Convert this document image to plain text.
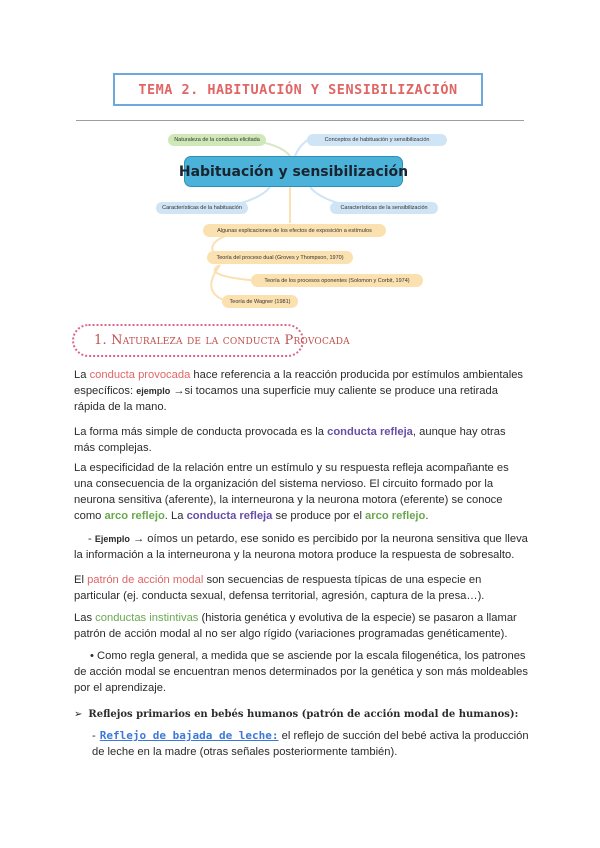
TEMA 2. HABITUACIÓN Y SENSIBILIZACIÓN
Naturaleza de la conducta elicitada	Conceptos de habituación y sensibilización
Habituación y sensibilización
Características de la habituación	Características de la sensibilización
Algunas explicaciones de los efectos de exposición a estímulos
Teoría del proceso dual (Groves y Thompson, 1970)
Teoría de los procesos oponentes (Solomon y Corbit, 1974)
Teoría de Wagner (1981)
1. Naturaleza de la conducta Provocada
La conducta provocada hace referencia a la reacción producida por estímulos ambientales específicos: ejemplo →si tocamos una superficie muy caliente se produce una retirada rápida de la mano.
La forma más simple de conducta provocada es la conducta refleja, aunque hay otras más complejas.
La especificidad de la relación entre un estímulo y su respuesta refleja acompañante es una consecuencia de la organización del sistema nervioso. El circuito formado por la neurona sensitiva (aferente), la interneurona y la neurona motora (eferente) se conoce como arco reflejo. La conducta refleja se produce por el arco reflejo.
- Ejemplo → oímos un petardo, ese sonido es percibido por la neurona sensitiva que lleva la información a la interneurona y la neurona motora produce la respuesta de sobresalto.
El patrón de acción modal son secuencias de respuesta típicas de una especie en particular (ej. conducta sexual, defensa territorial, agresión, captura de la presa…).
Las conductas instintivas (historia genética y evolutiva de la especie) se pasaron a llamar patrón de acción modal al no ser algo rígido (variaciones programadas genéticamente).
• Como regla general, a medida que se asciende por la escala filogenética, los patrones de acción modal se encuentran menos determinados por la genética y son más moldeables por el aprendizaje.
➢ Reflejos primarios en bebés humanos (patrón de acción modal de humanos):
- Reflejo de bajada de leche: el reflejo de succión del bebé activa la producción de leche en la madre (otras señales posteriormente también).
